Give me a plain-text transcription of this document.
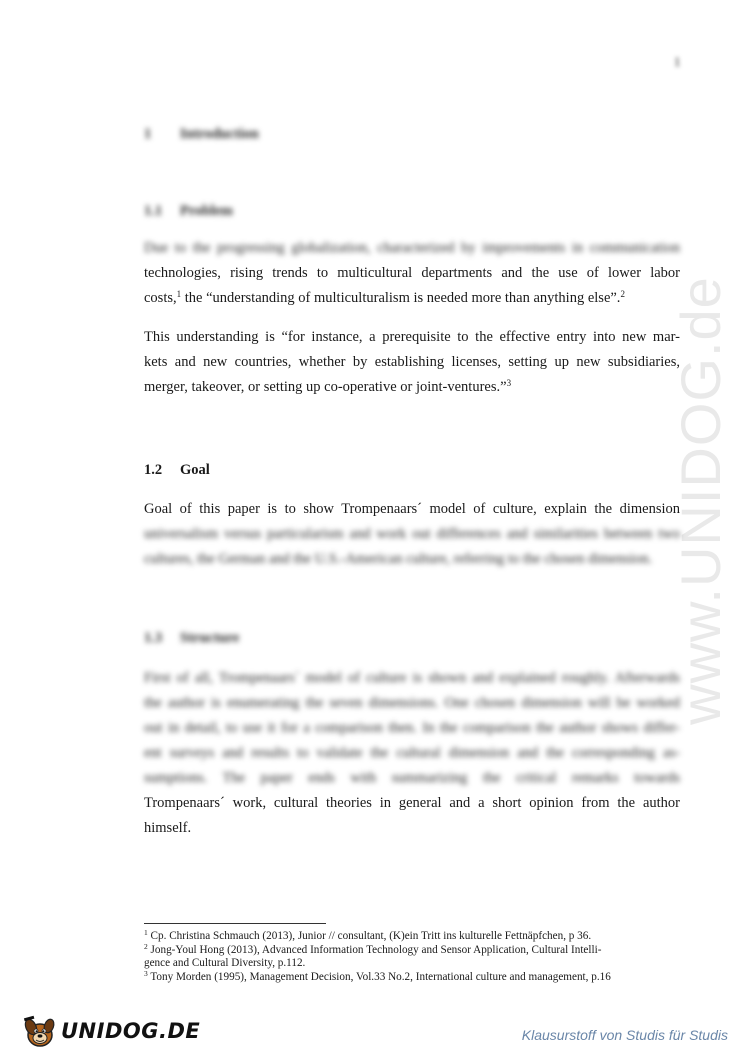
www.UNIDOG.de
1
1 Introduction
1.1 Problem
Due to the progressing globalization, characterized by improvements in communication
technologies, rising trends to multicultural departments and the use of lower labor
costs,$^1$ the “understanding of multiculturalism is needed more than anything else”.$^2$
This understanding is “for instance, a prerequisite to the effective entry into new mar-
kets and new countries, whether by establishing licenses, setting up new subsidiaries,
merger, takeover, or setting up co-operative or joint-ventures.”$^3$
1.2 Goal
Goal of this paper is to show Trompenaars´ model of culture, explain the dimension
universalism versus particularism and work out differences and similarities between two
cultures, the German and the U.S.-American culture, referring to the chosen dimension.
1.3 Structure
First of all, Trompenaars´ model of culture is shown and explained roughly. Afterwards
the author is enumerating the seven dimensions. One chosen dimension will be worked
out in detail, to use it for a comparison then. In the comparison the author shows differ-
ent surveys and results to validate the cultural dimension and the corresponding as-
sumptions. The paper ends with summarizing the critical remarks towards
Trompenaars´ work, cultural theories in general and a short opinion from the author
himself.
$^1$ Cp. Christina Schmauch (2013), Junior // consultant, (K)ein Tritt ins kulturelle Fettnäpfchen, p 36.
$^2$ Jong-Youl Hong (2013), Advanced Information Technology and Sensor Application, Cultural Intelli-
gence and Cultural Diversity, p.112.
$^3$ Tony Morden (1995), Management Decision, Vol.33 No.2, International culture and management, p.16
UNIDOG.DE	Klausurstoff von Studis für Studis
